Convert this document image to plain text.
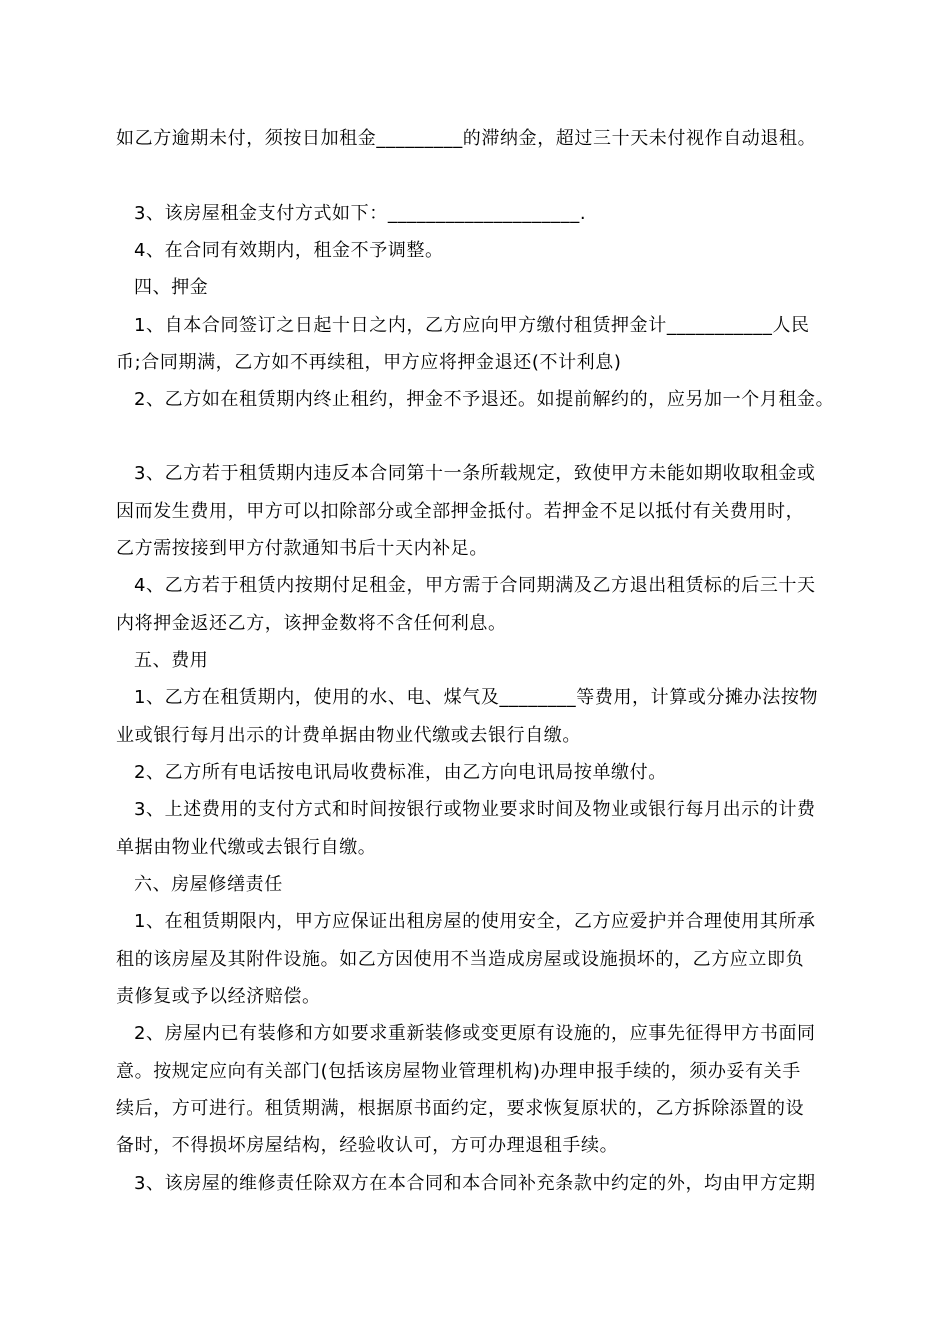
如乙方逾期未付，须按日加租金_________的滞纳金，超过三十天未付视作自动退租。
3、该房屋租金支付方式如下：____________________.
4、在合同有效期内，租金不予调整。
四、押金
1、自本合同签订之日起十日之内，乙方应向甲方缴付租赁押金计___________人民
币;合同期满，乙方如不再续租，甲方应将押金退还(不计利息)
2、乙方如在租赁期内终止租约，押金不予退还。如提前解约的，应另加一个月租金。
3、乙方若于租赁期内违反本合同第十一条所载规定，致使甲方未能如期收取租金或
因而发生费用，甲方可以扣除部分或全部押金抵付。若押金不足以抵付有关费用时，
乙方需按接到甲方付款通知书后十天内补足。
4、乙方若于租赁内按期付足租金，甲方需于合同期满及乙方退出租赁标的后三十天
内将押金返还乙方，该押金数将不含任何利息。
五、费用
1、乙方在租赁期内，使用的水、电、煤气及________等费用，计算或分摊办法按物
业或银行每月出示的计费单据由物业代缴或去银行自缴。
2、乙方所有电话按电讯局收费标准，由乙方向电讯局按单缴付。
3、上述费用的支付方式和时间按银行或物业要求时间及物业或银行每月出示的计费
单据由物业代缴或去银行自缴。
六、房屋修缮责任
1、在租赁期限内，甲方应保证出租房屋的使用安全，乙方应爱护并合理使用其所承
租的该房屋及其附件设施。如乙方因使用不当造成房屋或设施损坏的，乙方应立即负
责修复或予以经济赔偿。
2、房屋内已有装修和方如要求重新装修或变更原有设施的，应事先征得甲方书面同
意。按规定应向有关部门(包括该房屋物业管理机构)办理申报手续的，须办妥有关手
续后，方可进行。租赁期满，根据原书面约定，要求恢复原状的，乙方拆除添置的设
备时，不得损坏房屋结构，经验收认可，方可办理退租手续。
3、该房屋的维修责任除双方在本合同和本合同补充条款中约定的外，均由甲方定期
